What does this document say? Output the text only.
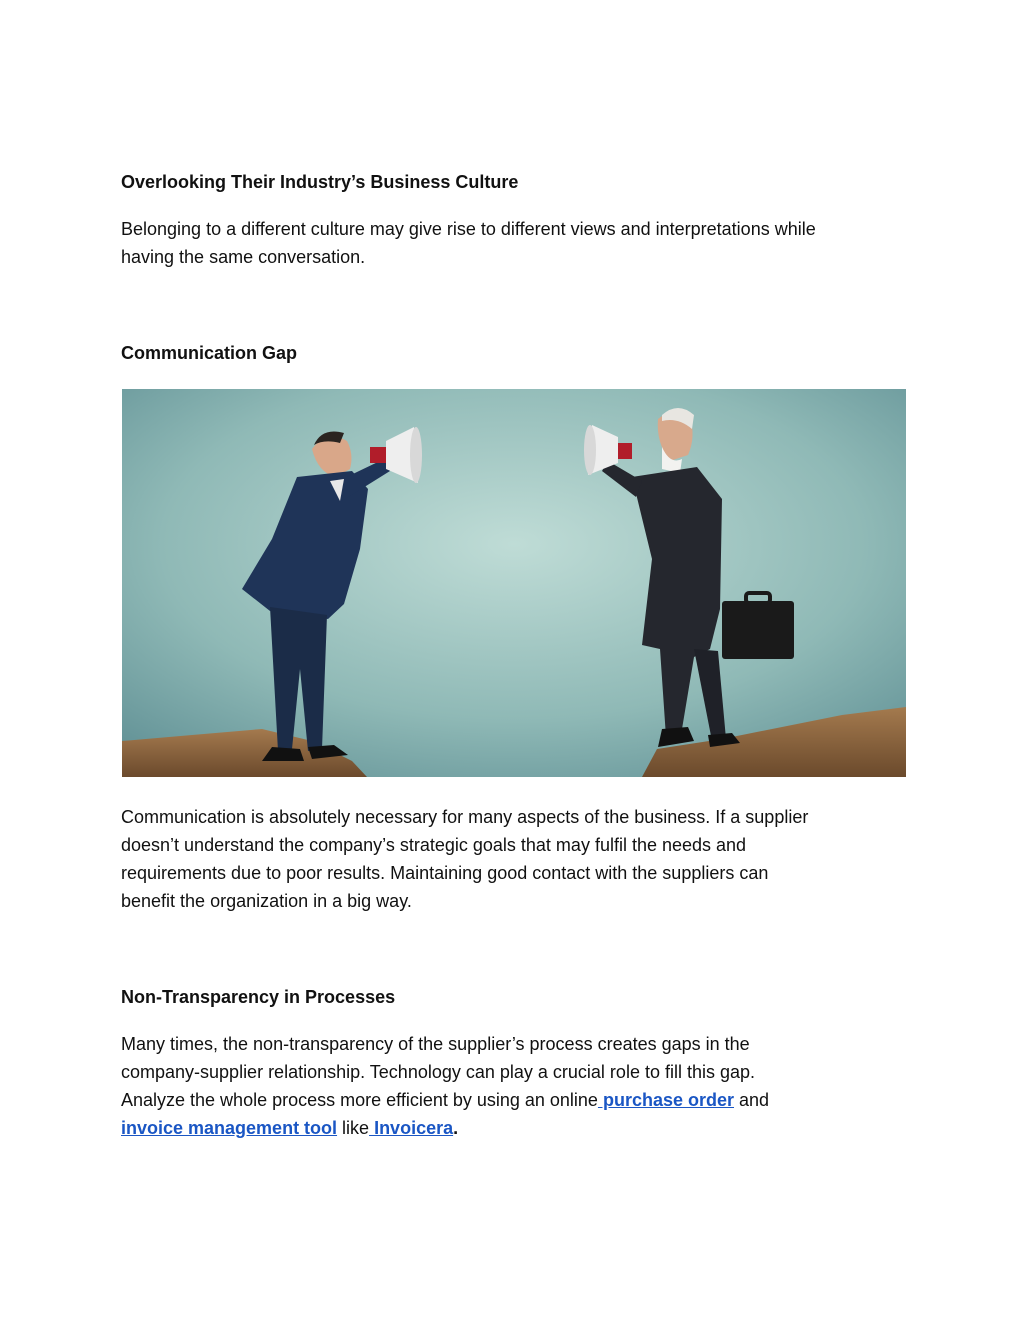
Overlooking Their Industry’s Business Culture

Belonging to a different culture may give rise to different views and interpretations while
having the same conversation.

Communication Gap

Communication is absolutely necessary for many aspects of the business. If a supplier
doesn’t understand the company’s strategic goals that may fulfil the needs and
requirements due to poor results. Maintaining good contact with the suppliers can
benefit the organization in a big way.

Non-Transparency in Processes

Many times, the non-transparency of the supplier’s process creates gaps in the
company-supplier relationship. Technology can play a crucial role to fill this gap.
Analyze the whole process more efficient by using an online purchase order and
invoice management tool like Invoicera.
